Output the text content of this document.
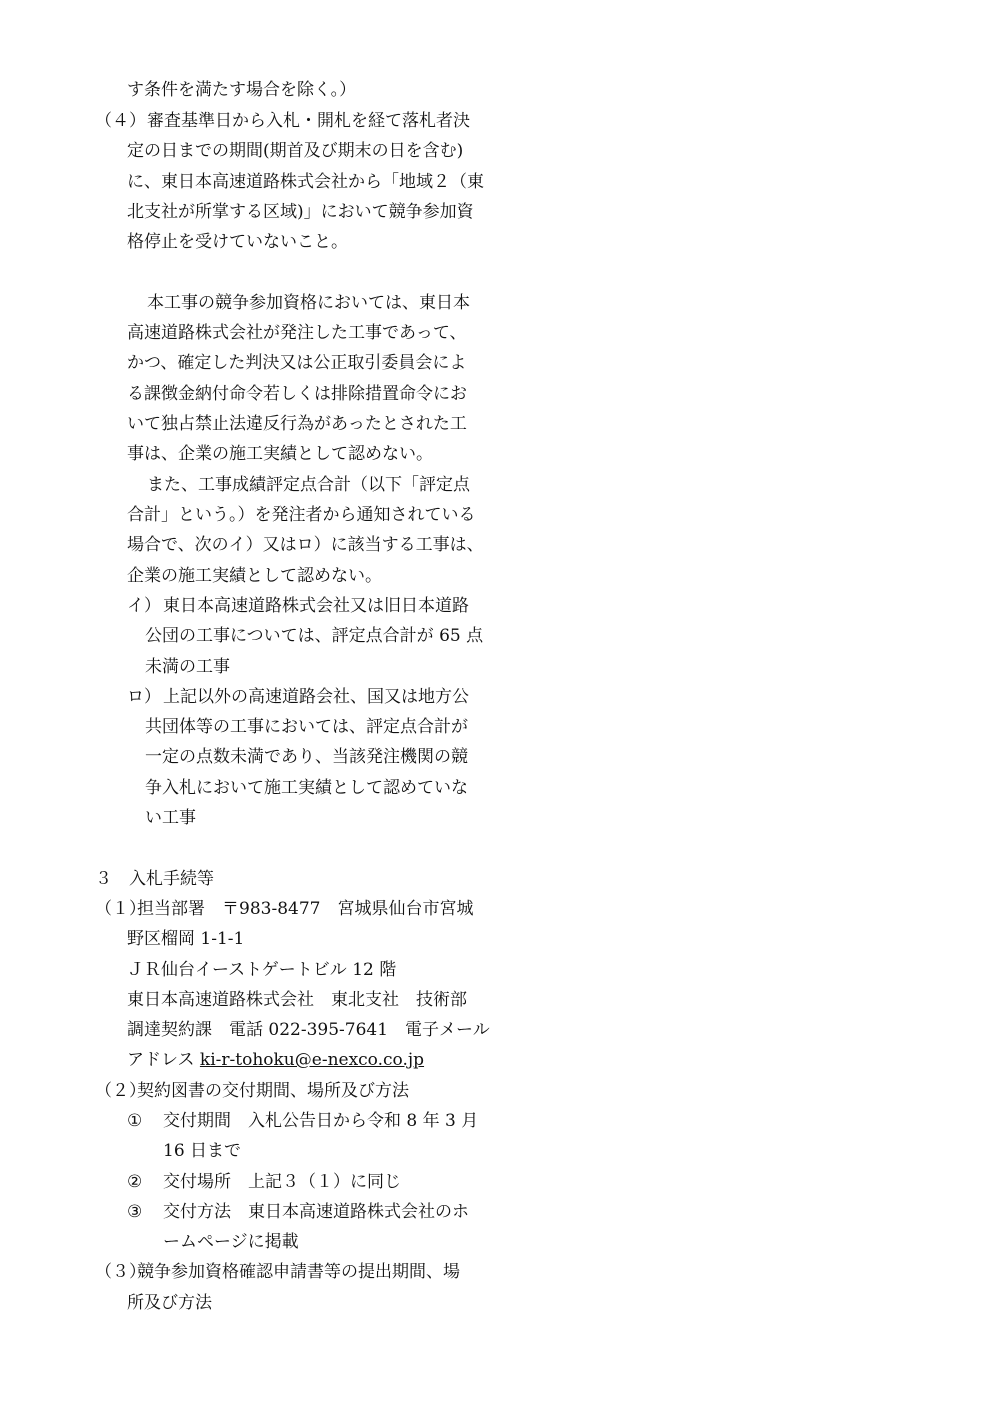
す条件を満たす場合を除く。）
（４） 審査基準日から入札・開札を経て落札者決
定の日までの期間(期首及び期末の日を含む)
に、東日本高速道路株式会社から「地域２（東
北支社が所掌する区域)」において競争参加資
格停止を受けていないこと。
本工事の競争参加資格においては、東日本
高速道路株式会社が発注した工事であって、
かつ、確定した判決又は公正取引委員会によ
る課徴金納付命令若しくは排除措置命令にお
いて独占禁止法違反行為があったとされた工
事は、企業の施工実績として認めない。
また、工事成績評定点合計（以下「評定点
合計」という。）を発注者から通知されている
場合で、次のイ）又はロ）に該当する工事は、
企業の施工実績として認めない。
イ） 東日本高速道路株式会社又は旧日本道路
公団の工事については、評定点合計が 65 点
未満の工事
ロ） 上記以外の高速道路会社、国又は地方公
共団体等の工事においては、評定点合計が
一定の点数未満であり、当該発注機関の競
争入札において施工実績として認めていな
い工事
３　入札手続等
（１）
担当部署　〒983-8477　宮城県仙台市宮城
野区榴岡 1-1-1
ＪＲ仙台イーストゲートビル 12 階
東日本高速道路株式会社　東北支社　技術部
調達契約課　電話 022-395-7641　電子メール
アドレス ki-r-tohoku@e-nexco.co.jp
（２）
契約図書の交付期間、場所及び方法
① 交付期間　入札公告日から令和 8 年 3 月
16 日まで
② 交付場所　上記３（１）に同じ
③ 交付方法　東日本高速道路株式会社のホ
ームページに掲載
（３）
競争参加資格確認申請書等の提出期間、場
所及び方法
